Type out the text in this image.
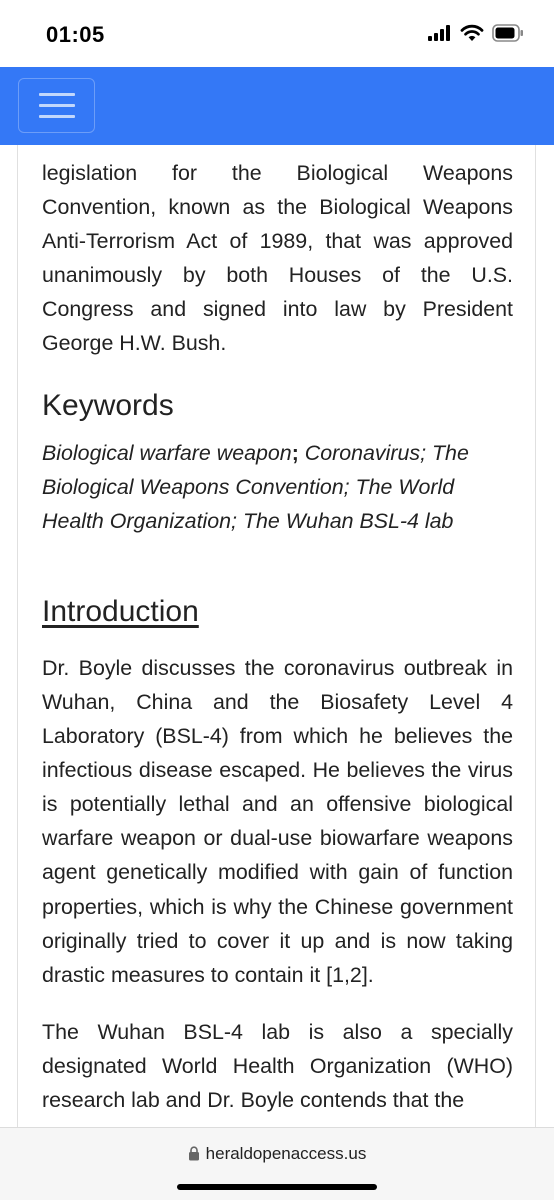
01:05

legislation for the Biological Weapons Convention, known as the Biological Weapons Anti-Terrorism Act of 1989, that was approved unanimously by both Houses of the U.S. Congress and signed into law by President George H.W. Bush.

Keywords

Biological warfare weapon; Coronavirus; The Biological Weapons Convention; The World Health Organization; The Wuhan BSL-4 lab

Introduction

Dr. Boyle discusses the coronavirus outbreak in Wuhan, China and the Biosafety Level 4 Laboratory (BSL-4) from which he believes the infectious disease escaped. He believes the virus is potentially lethal and an offensive biological warfare weapon or dual-use biowarfare weapons agent genetically modified with gain of function properties, which is why the Chinese government originally tried to cover it up and is now taking drastic measures to contain it [1,2].

The Wuhan BSL-4 lab is also a specially designated World Health Organization (WHO) research lab and Dr. Boyle contends that the

heraldopenaccess.us
